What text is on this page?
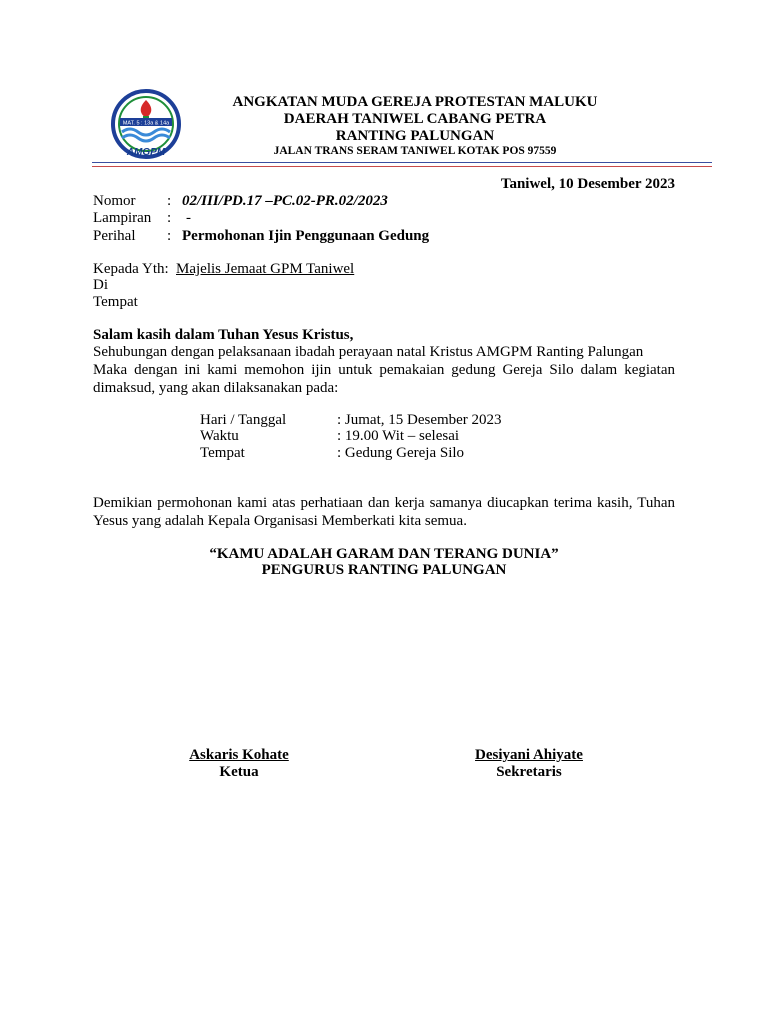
MAT. 5 : 13a & 14a
AMGPM
ANGKATAN MUDA GEREJA PROTESTAN MALUKU
DAERAH TANIWEL CABANG PETRA
RANTING PALUNGAN
JALAN TRANS SERAM TANIWEL KOTAK POS 97559
Taniwel, 10 Desember 2023
Nomor : 02/III/PD.17 –PC.02-PR.02/2023
Lampiran : -
Perihal : Permohonan Ijin Penggunaan Gedung
Kepada Yth: Majelis Jemaat GPM Taniwel
Di
Tempat
Salam kasih dalam Tuhan Yesus Kristus,
Sehubungan dengan pelaksanaan ibadah perayaan natal Kristus AMGPM Ranting Palungan
Maka dengan ini kami memohon ijin untuk pemakaian gedung Gereja Silo dalam kegiatan dimaksud, yang akan dilaksanakan pada:
Hari / Tanggal	: Jumat, 15 Desember 2023
Waktu	: 19.00 Wit – selesai
Tempat	: Gedung Gereja Silo
Demikian permohonan kami atas perhatiaan dan kerja samanya diucapkan terima kasih, Tuhan Yesus yang adalah Kepala Organisasi Memberkati kita semua.
“KAMU ADALAH GARAM DAN TERANG DUNIA”
PENGURUS RANTING PALUNGAN
Askaris Kohate
Ketua
Desiyani Ahiyate
Sekretaris
